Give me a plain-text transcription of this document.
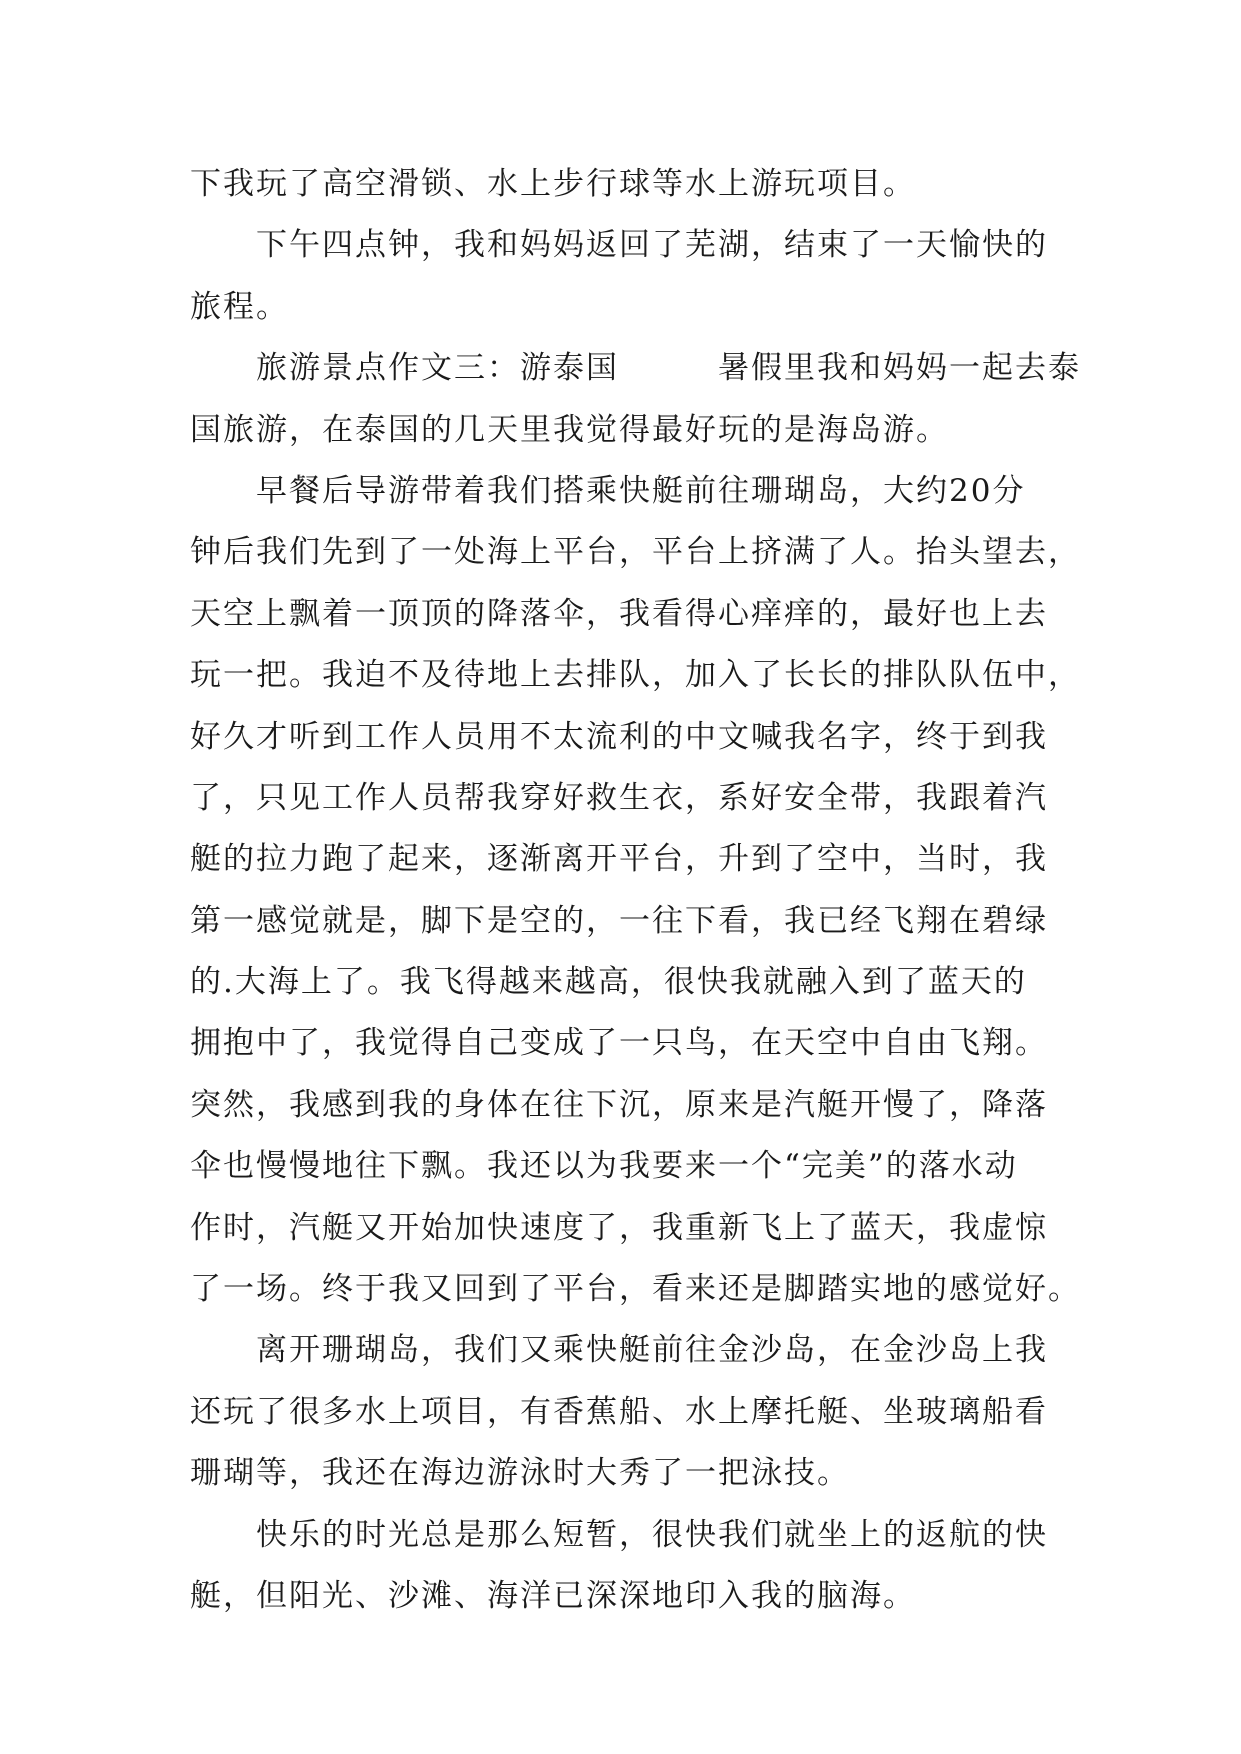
下我玩了高空滑锁、水上步行球等水上游玩项目。
　　下午四点钟，我和妈妈返回了芜湖，结束了一天愉快的
旅程。
　　旅游景点作文三：游泰国　　　暑假里我和妈妈一起去泰
国旅游，在泰国的几天里我觉得最好玩的是海岛游。
　　早餐后导游带着我们搭乘快艇前往珊瑚岛，大约20分
钟后我们先到了一处海上平台，平台上挤满了人。抬头望去，
天空上飘着一顶顶的降落伞，我看得心痒痒的，最好也上去
玩一把。我迫不及待地上去排队，加入了长长的排队队伍中，
好久才听到工作人员用不太流利的中文喊我名字，终于到我
了，只见工作人员帮我穿好救生衣，系好安全带，我跟着汽
艇的拉力跑了起来，逐渐离开平台，升到了空中，当时，我
第一感觉就是，脚下是空的，一往下看，我已经飞翔在碧绿
的.大海上了。我飞得越来越高，很快我就融入到了蓝天的
拥抱中了，我觉得自己变成了一只鸟，在天空中自由飞翔。
突然，我感到我的身体在往下沉，原来是汽艇开慢了，降落
伞也慢慢地往下飘。我还以为我要来一个“完美”的落水动
作时，汽艇又开始加快速度了，我重新飞上了蓝天，我虚惊
了一场。终于我又回到了平台，看来还是脚踏实地的感觉好。
　　离开珊瑚岛，我们又乘快艇前往金沙岛，在金沙岛上我
还玩了很多水上项目，有香蕉船、水上摩托艇、坐玻璃船看
珊瑚等，我还在海边游泳时大秀了一把泳技。
　　快乐的时光总是那么短暂，很快我们就坐上的返航的快
艇，但阳光、沙滩、海洋已深深地印入我的脑海。
